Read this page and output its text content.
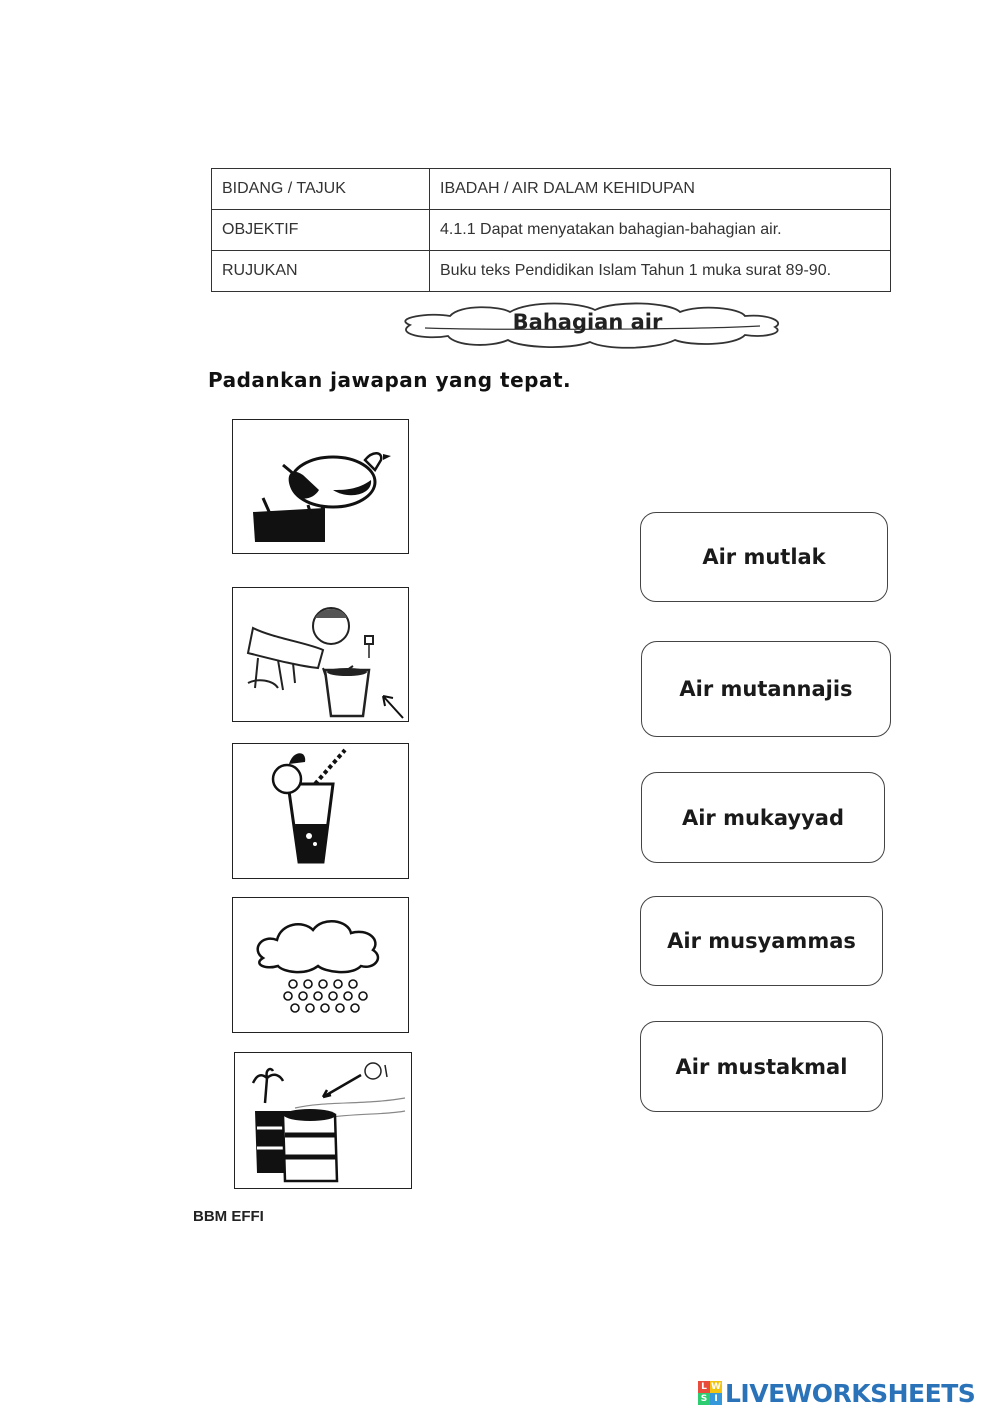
BIDANG / TAJUK	IBADAH / AIR DALAM KEHIDUPAN
OBJEKTIF	4.1.1 Dapat menyatakan bahagian-bahagian air.
RUJUKAN	Buku teks Pendidikan Islam Tahun 1 muka surat 89-90.
Bahagian air
Padankan jawapan yang tepat.
Air mutlak
Air mutannajis
Air mukayyad
Air musyammas
Air mustakmal
BBM EFFI
L W
S I LIVEWORKSHEETS
